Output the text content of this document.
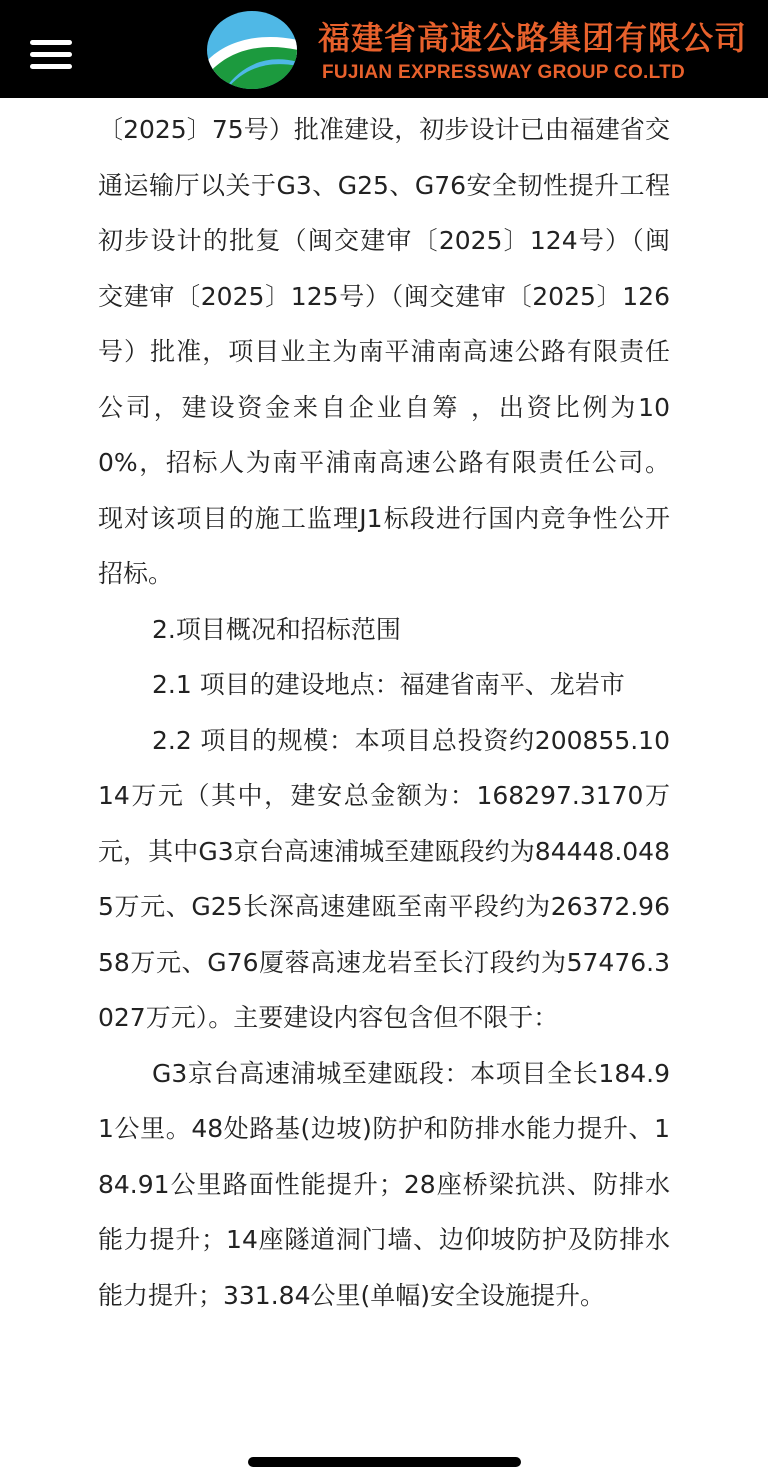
福建省高速公路集团有限公司
FUJIAN EXPRESSWAY GROUP CO.LTD

〔2025〕75号）批准建设，初步设计已由福建省交通运输厅以关于G3、G25、G76安全韧性提升工程初步设计的批复（闽交建审〔2025〕124号）（闽交建审〔2025〕125号）（闽交建审〔2025〕126 号）批准，项目业主为南平浦南高速公路有限责任公司，建设资金来自企业自筹 ，出资比例为100%，招标人为南平浦南高速公路有限责任公司。 现对该项目的施工监理J1标段进行国内竞争性公开招标。

2.项目概况和招标范围

2.1 项目的建设地点：福建省南平、龙岩市

2.2 项目的规模：本项目总投资约200855.1014万元（其中，建安总金额为：168297.3170万元，其中G3京台高速浦城至建瓯段约为84448.0485万元、G25长深高速建瓯至南平段约为26372.9658万元、G76厦蓉高速龙岩至长汀段约为57476.3027万元）。主要建设内容包含但不限于：

G3京台高速浦城至建瓯段：本项目全长184.91公里。48处路基(边坡)防护和防排水能力提升、184.91公里路面性能提升；28座桥梁抗洪、防排水能力提升；14座隧道洞门墙、边仰坡防护及防排水能力提升；331.84公里(单幅)安全设施提升。
